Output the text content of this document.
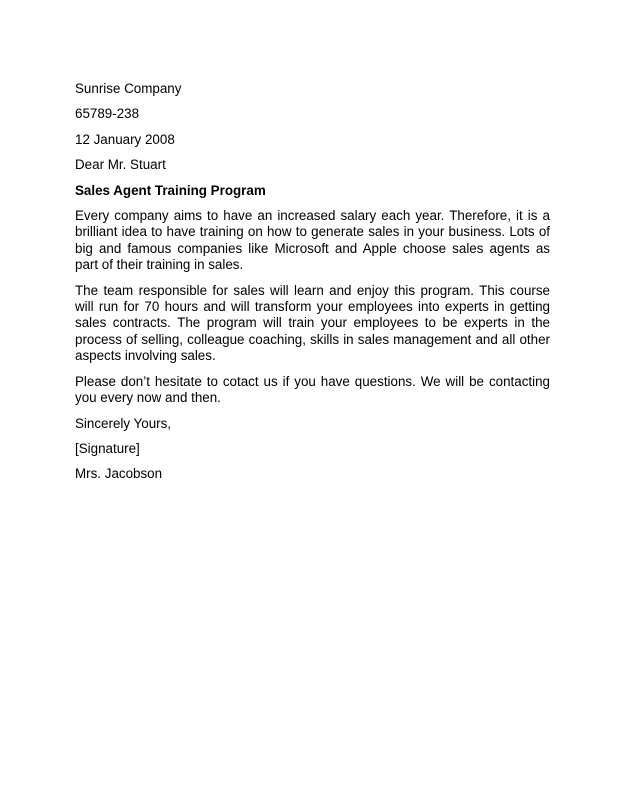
Sunrise Company
65789-238
12 January 2008
Dear Mr. Stuart
Sales Agent Training Program

Every company aims to have an increased salary each year. Therefore, it is a brilliant idea to have training on how to generate sales in your business. Lots of big and famous companies like Microsoft and Apple choose sales agents as part of their training in sales.

The team responsible for sales will learn and enjoy this program. This course will run for 70 hours and will transform your employees into experts in getting sales contracts. The program will train your employees to be experts in the process of selling, colleague coaching, skills in sales management and all other aspects involving sales.

Please don’t hesitate to cotact us if you have questions. We will be contacting you every now and then.

Sincerely Yours,
[Signature]
Mrs. Jacobson
